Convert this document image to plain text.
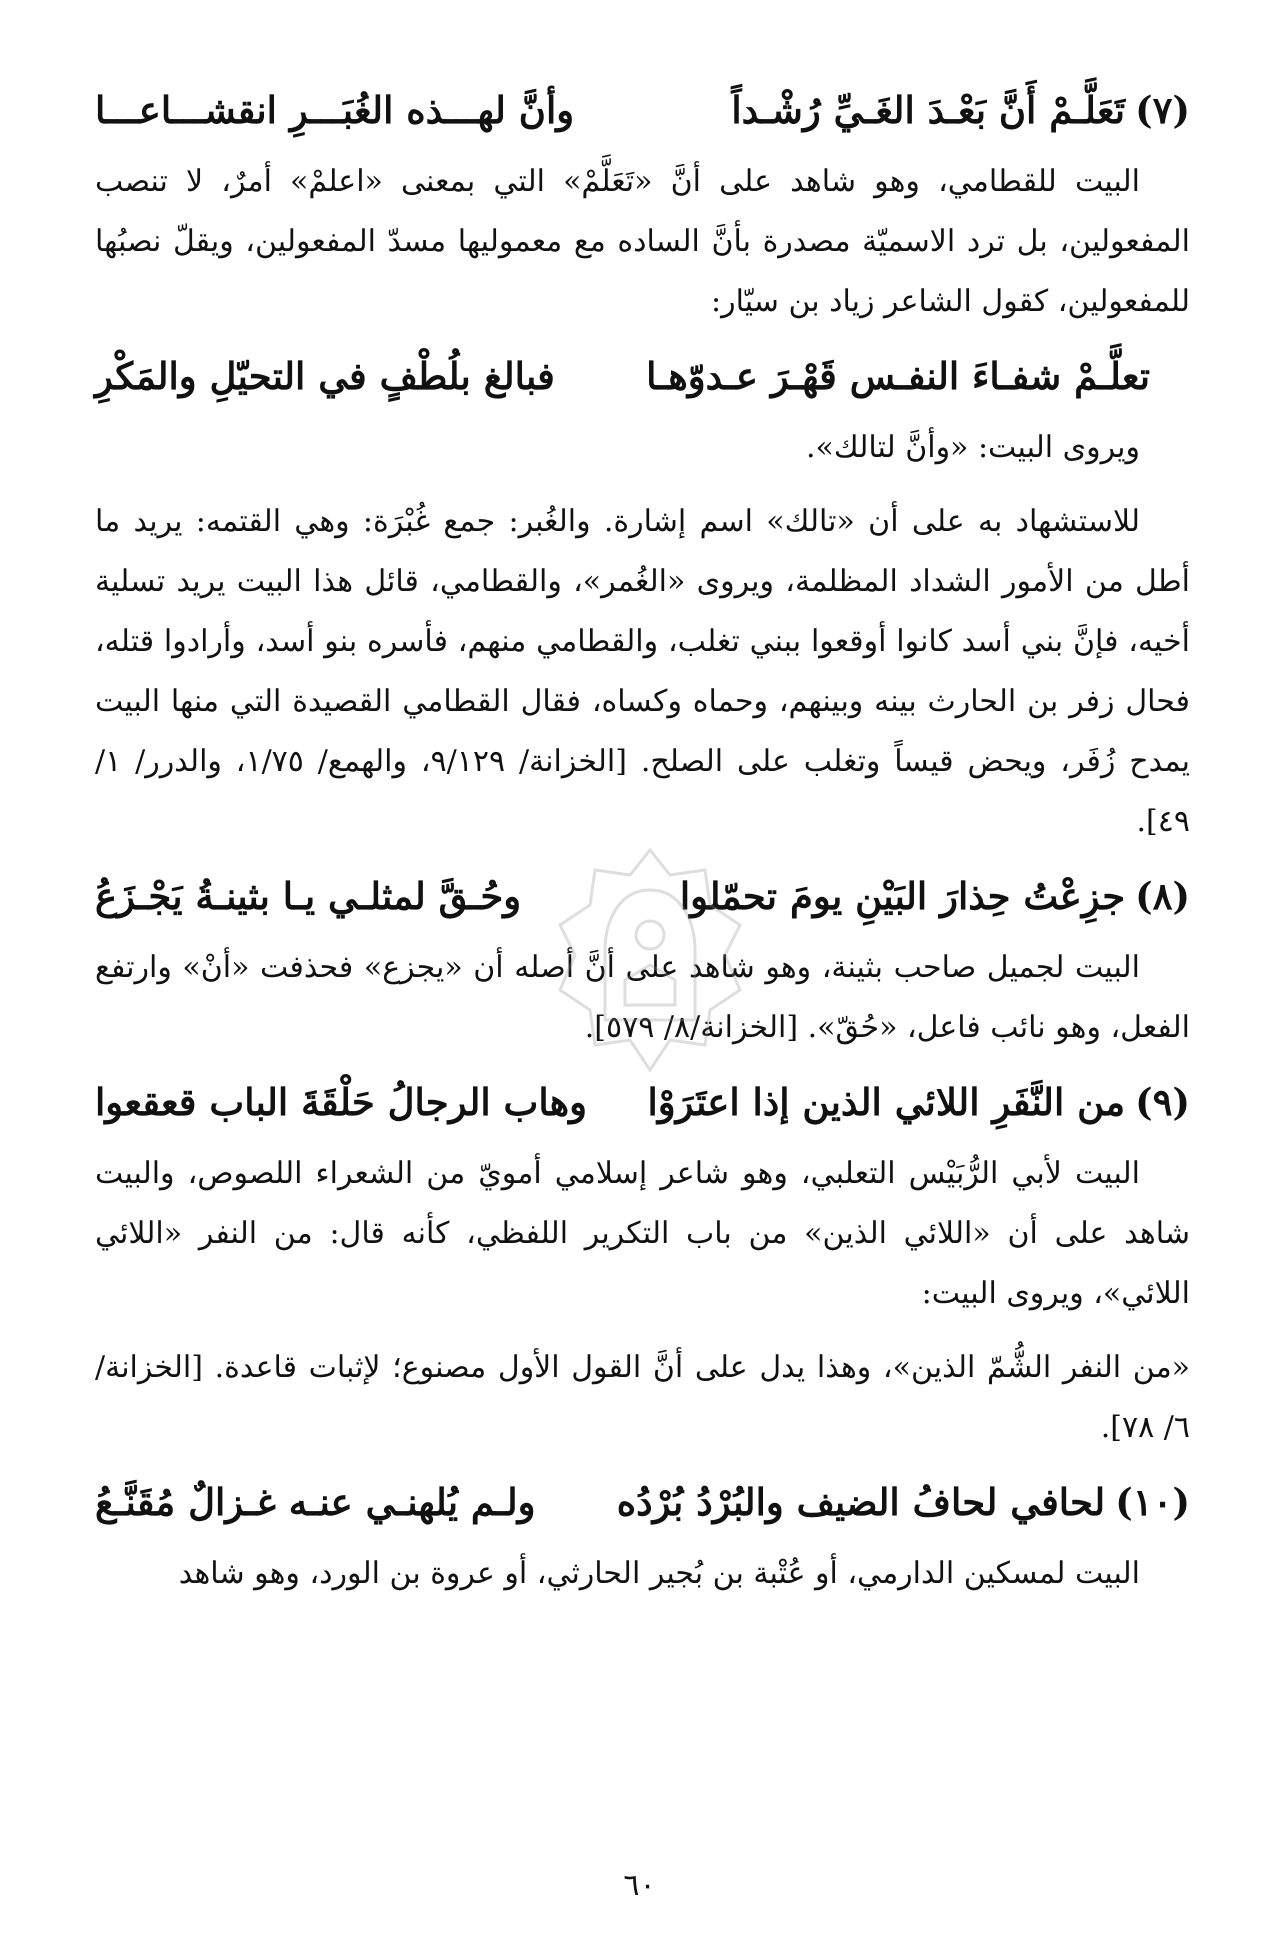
(٧)تَعَلَّـمْ أَنَّ بَعْـدَ الغَـيِّ رُشْـداً
وأنَّ لهـــذه الغُبَـــرِ انقشـــاعـــا

البيت للقطامي، وهو شاهد على أنَّ «تَعَلَّمْ» التي بمعنى «اعلمْ» أمرٌ، لا تنصب المفعولين، بل ترد الاسميّة مصدرة بأنَّ الساده مع معموليها مسدّ المفعولين، ويقلّ نصبُها للمفعولين، كقول الشاعر زياد بن سيّار:

تعلَّـمْ شفـاءَ النفـس قَهْـرَ عـدوّهـا
فبالغ بلُطْفٍ في التحيّلِ والمَكْرِ

ويروى البيت: «وأنَّ لتالك».

للاستشهاد به على أن «تالك» اسم إشارة. والغُبر: جمع غُبْرَة: وهي القتمه: يريد ما أطل من الأمور الشداد المظلمة، ويروى «الغُمر»، والقطامي، قائل هذا البيت يريد تسلية أخيه، فإنَّ بني أسد كانوا أوقعوا ببني تغلب، والقطامي منهم، فأسره بنو أسد، وأرادوا قتله، فحال زفر بن الحارث بينه وبينهم، وحماه وكساه، فقال القطامي القصيدة التي منها البيت يمدح زُفَر، ويحض قيساً وتغلب على الصلح. [الخزانة/ ٩/١٢٩، والهمع/ ١/٧٥، والدرر/ ١/ ٤٩].

(٨)جزِعْتُ حِذارَ البَيْنِ يومَ تحمّلوا
وحُـقَّ لمثلـي يـا بثينـةُ يَجْـزَعُ

البيت لجميل صاحب بثينة، وهو شاهد على أنَّ أصله أن «يجزع» فحذفت «أنْ» وارتفع الفعل، وهو نائب فاعل، «حُقّ». [الخزانة/٨/ ٥٧٩].

(٩)من النَّفَرِ اللائي الذين إذا اعتَرَوْا
وهاب الرجالُ حَلْقَةَ الباب قعقعوا

البيت لأبي الرُّبَيْس التعلبي، وهو شاعر إسلامي أمويّ من الشعراء اللصوص، والبيت شاهد على أن «اللائي الذين» من باب التكرير اللفظي، كأنه قال: من النفر «اللائي اللائي»، ويروى البيت:

«من النفر الشُّمّ الذين»، وهذا يدل على أنَّ القول الأول مصنوع؛ لإثبات قاعدة. [الخزانة/ ٦/ ٧٨].

(١٠)لحافي لحافُ الضيف والبُرْدُ بُرْدُه
ولـم يُلهنـي عنـه غـزالٌ مُقَنَّـعُ

البيت لمسكين الدارمي، أو عُتْبة بن بُجير الحارثي، أو عروة بن الورد، وهو شاهد

٦٠
